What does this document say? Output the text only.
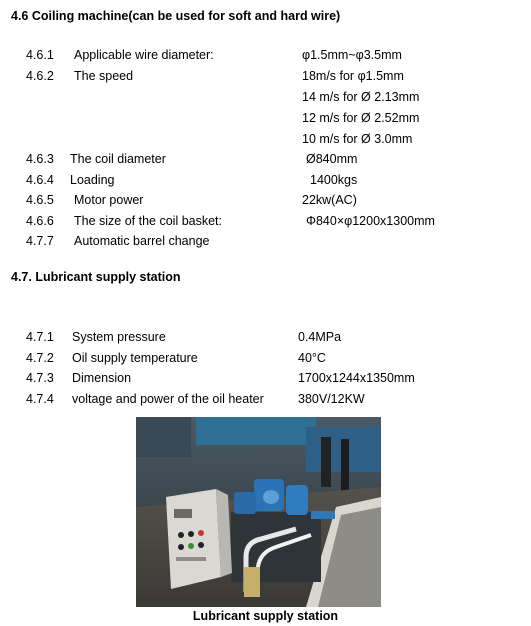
4.6 Coiling machine(can be used for soft and hard wire)
4.6.1 Applicable wire diameter:	φ1.5mm~φ3.5mm
4.6.2 The speed	18m/s for φ1.5mm
14 m/s for Ø 2.13mm
12 m/s for Ø 2.52mm
10 m/s for Ø 3.0mm
4.6.3 The coil diameter	Ø840mm
4.6.4 Loading	1400kgs
4.6.5 Motor power	22kw(AC)
4.6.6 The size of the coil basket:	Φ840×φ1200x1300mm
4.7.7 Automatic barrel change
4.7. Lubricant supply station
4.7.1 System pressure	0.4MPa
4.7.2 Oil supply temperature	40°C
4.7.3 Dimension	1700x1244x1350mm
4.7.4 voltage and power of the oil heater	380V/12KW
Lubricant supply station
